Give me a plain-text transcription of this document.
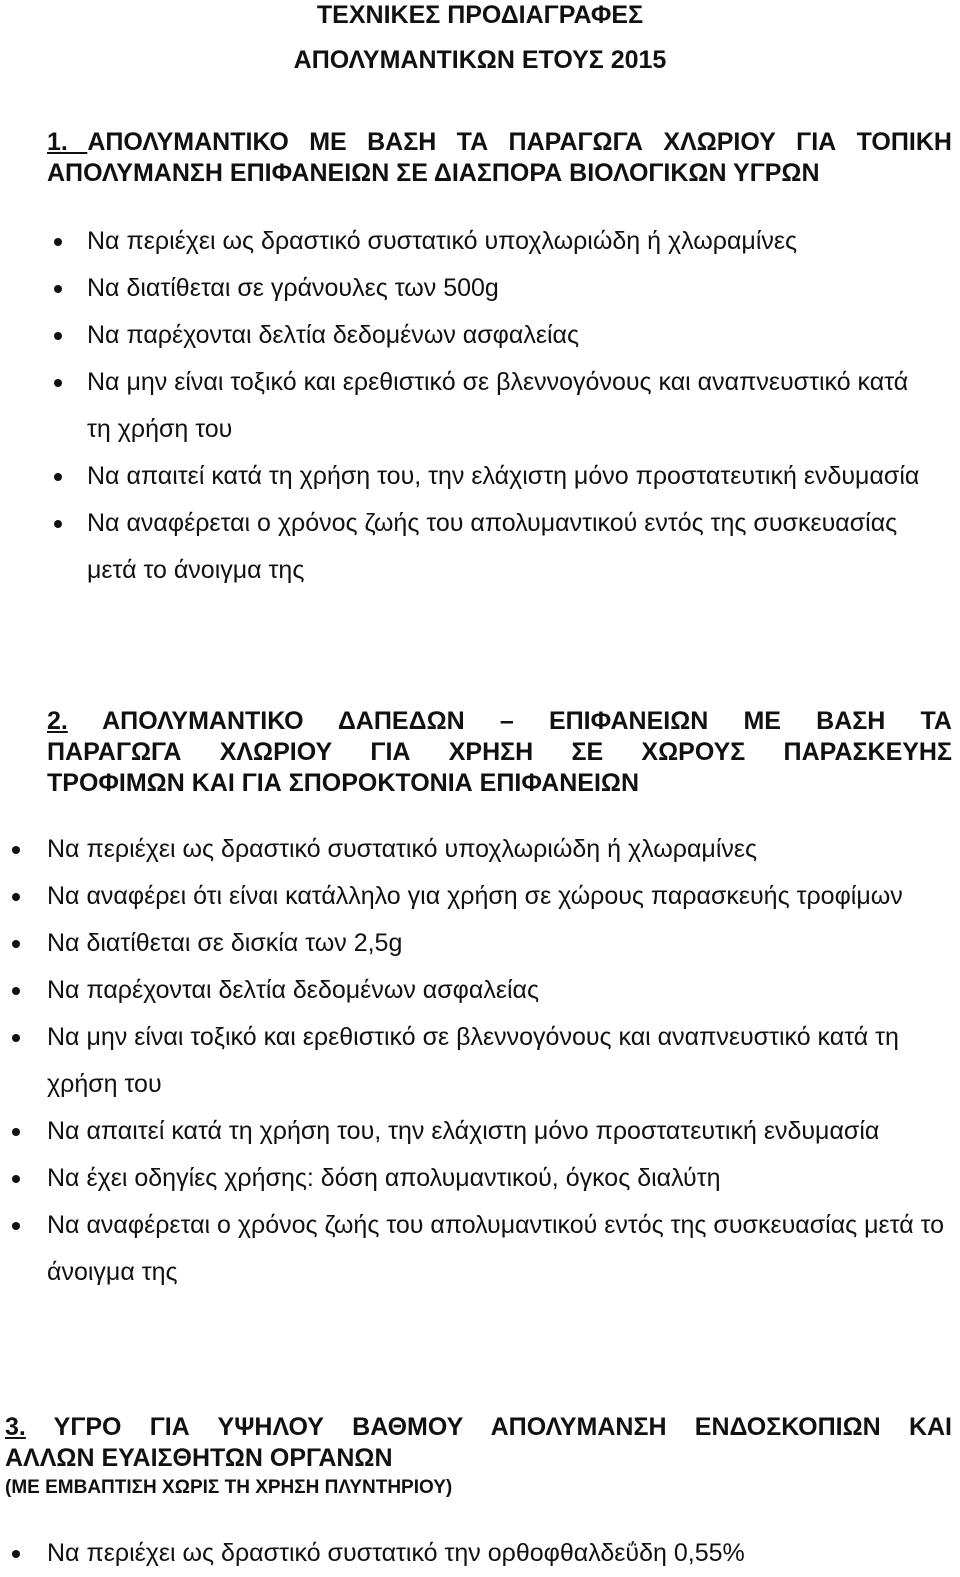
ΤΕΧΝΙΚΕΣ ΠΡΟΔΙΑΓΡΑΦΕΣ
ΑΠΟΛΥΜΑΝΤΙΚΩΝ ΕΤΟΥΣ 2015
1. ΑΠΟΛΥΜΑΝΤΙΚΟ ΜΕ ΒΑΣΗ ΤΑ ΠΑΡΑΓΩΓΑ ΧΛΩΡΙΟΥ ΓΙΑ ΤΟΠΙΚΗ
ΑΠΟΛΥΜΑΝΣΗ ΕΠΙΦΑΝΕΙΩΝ ΣΕ ΔΙΑΣΠΟΡΑ ΒΙΟΛΟΓΙΚΩΝ ΥΓΡΩΝ
Να περιέχει ως δραστικό συστατικό υποχλωριώδη ή χλωραμίνες
Να διατίθεται σε γράνουλες των 500g
Να παρέχονται δελτία δεδομένων ασφαλείας
Να μην είναι τοξικό και ερεθιστικό σε βλεννογόνους και αναπνευστικό κατά τη χρήση του
Να απαιτεί κατά τη χρήση του, την ελάχιστη μόνο προστατευτική ενδυμασία
Να αναφέρεται ο χρόνος ζωής του απολυμαντικού εντός της συσκευασίας μετά το άνοιγμα της
2. ΑΠΟΛΥΜΑΝΤΙΚΟ ΔΑΠΕΔΩΝ – ΕΠΙΦΑΝΕΙΩΝ ΜΕ ΒΑΣΗ ΤΑ
ΠΑΡΑΓΩΓΑ ΧΛΩΡΙΟΥ ΓΙΑ ΧΡΗΣΗ ΣΕ ΧΩΡΟΥΣ ΠΑΡΑΣΚΕΥΗΣ
ΤΡΟΦΙΜΩΝ ΚΑΙ ΓΙΑ ΣΠΟΡΟΚΤΟΝΙΑ ΕΠΙΦΑΝΕΙΩΝ
Να περιέχει ως δραστικό συστατικό υποχλωριώδη ή χλωραμίνες
Να αναφέρει ότι είναι κατάλληλο για χρήση σε χώρους παρασκευής τροφίμων
Να διατίθεται σε δισκία των 2,5g
Να παρέχονται δελτία δεδομένων ασφαλείας
Να μην είναι τοξικό και ερεθιστικό σε βλεννογόνους και αναπνευστικό κατά τη χρήση του
Να απαιτεί κατά τη χρήση του, την ελάχιστη μόνο προστατευτική ενδυμασία
Να έχει οδηγίες χρήσης: δόση απολυμαντικού, όγκος διαλύτη
Να αναφέρεται ο χρόνος ζωής του απολυμαντικού εντός της συσκευασίας μετά το άνοιγμα της
3. ΥΓΡΟ ΓΙΑ ΥΨΗΛΟΥ ΒΑΘΜΟΥ ΑΠΟΛΥΜΑΝΣΗ ΕΝΔΟΣΚΟΠΙΩΝ ΚΑΙ
ΑΛΛΩΝ ΕΥΑΙΣΘΗΤΩΝ ΟΡΓΑΝΩΝ
(ΜΕ ΕΜΒΑΠΤΙΣΗ ΧΩΡΙΣ ΤΗ ΧΡΗΣΗ ΠΛΥΝΤΗΡΙΟΥ)
Να περιέχει ως δραστικό συστατικό την ορθοφθαλδεΰδη 0,55%
